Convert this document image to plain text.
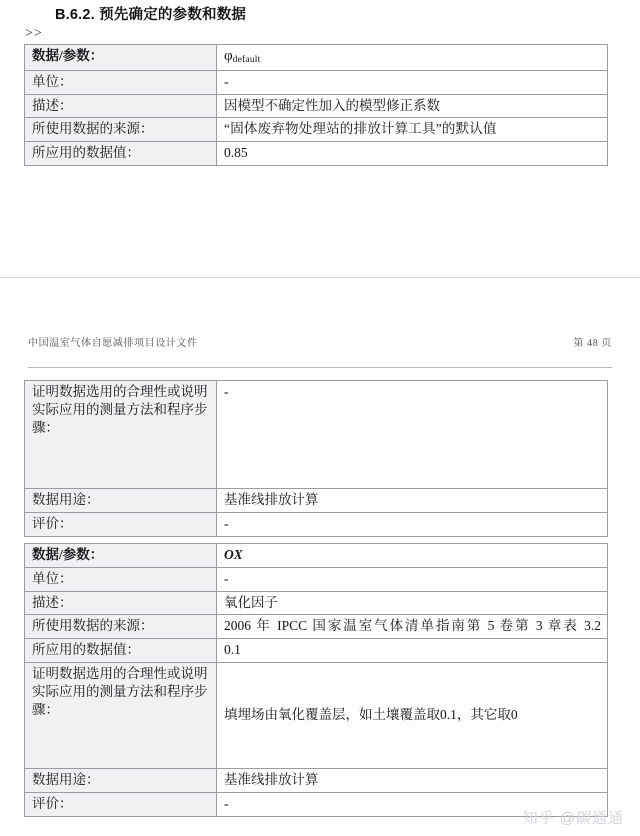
B.6.2. 预先确定的参数和数据
>>
数据/参数：	$\varphi_{default}$
单位：	-
描述：	因模型不确定性加入的模型修正系数
所使用数据的来源：	“固体废弃物处理站的排放计算工具”的默认值
所应用的数据值：	0.85
中国温室气体自愿减排项目设计文件	第 48 页
证明数据选用的合理性或说明实际应用的测量方法和程序步骤：	-
数据用途：	基准线排放计算
评价：	-
数据/参数：	OX
单位：	-
描述：	氧化因子
所使用数据的来源：	2006 年 IPCC 国家温室气体清单指南第 5 卷第 3 章表 3.2
所应用的数据值：	0.1
证明数据选用的合理性或说明实际应用的测量方法和程序步骤：	填埋场由氧化覆盖层，如土壤覆盖取0.1，其它取0
数据用途：	基准线排放计算
评价：	-
知乎 @碳通通
